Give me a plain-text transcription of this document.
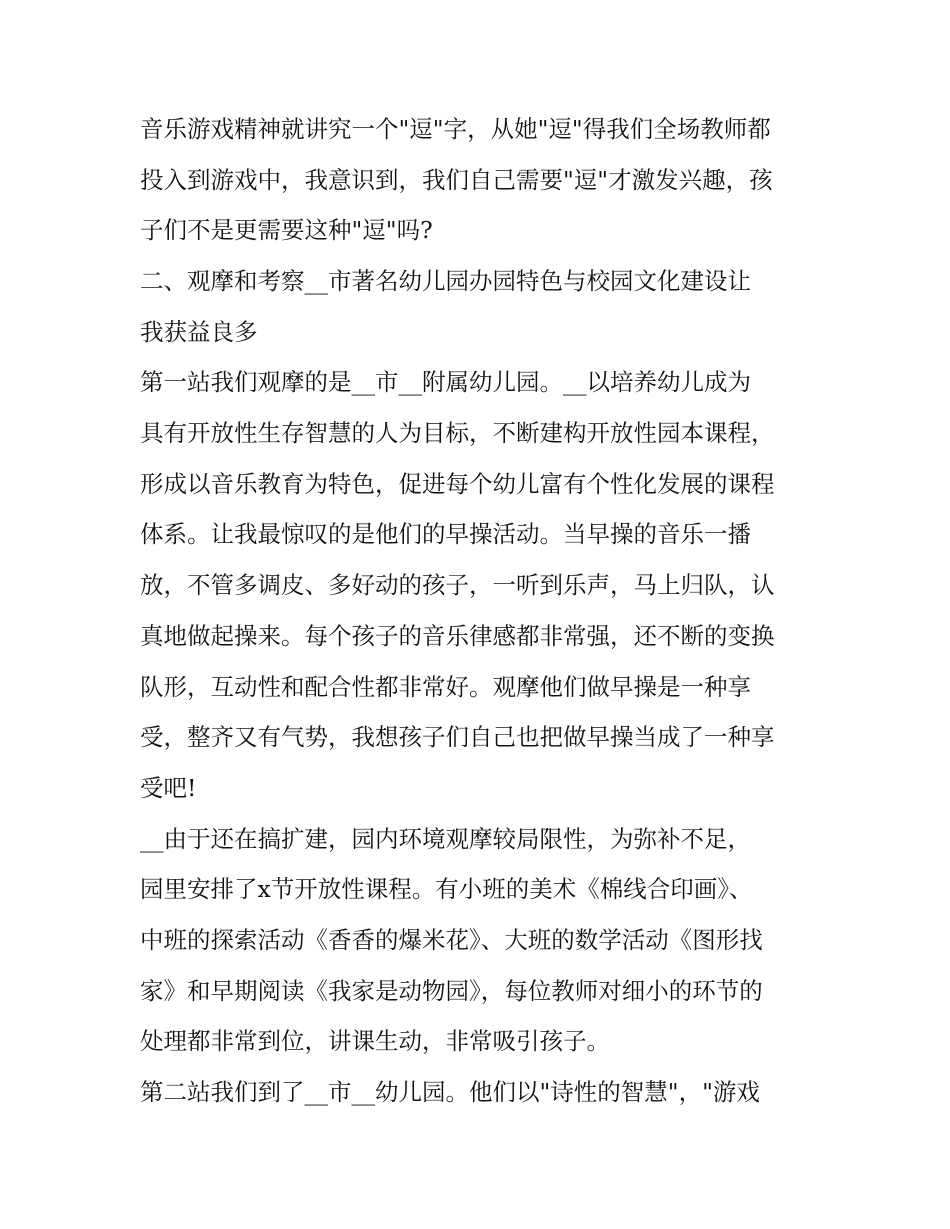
音乐游戏精神就讲究一个"逗"字，从她"逗"得我们全场教师都
投入到游戏中，我意识到，我们自己需要"逗"才激发兴趣，孩
子们不是更需要这种"逗"吗?
二、观摩和考察__市著名幼儿园办园特色与校园文化建设让
我获益良多
第一站我们观摩的是__市__附属幼儿园。__以培养幼儿成为
具有开放性生存智慧的人为目标，不断建构开放性园本课程，
形成以音乐教育为特色，促进每个幼儿富有个性化发展的课程
体系。让我最惊叹的是他们的早操活动。当早操的音乐一播
放，不管多调皮、多好动的孩子，一听到乐声，马上归队，认
真地做起操来。每个孩子的音乐律感都非常强，还不断的变换
队形，互动性和配合性都非常好。观摩他们做早操是一种享
受，整齐又有气势，我想孩子们自己也把做早操当成了一种享
受吧!
__由于还在搞扩建，园内环境观摩较局限性，为弥补不足，
园里安排了x节开放性课程。有小班的美术《棉线合印画》、
中班的探索活动《香香的爆米花》、大班的数学活动《图形找
家》和早期阅读《我家是动物园》，每位教师对细小的环节的
处理都非常到位，讲课生动，非常吸引孩子。
第二站我们到了__市__幼儿园。他们以"诗性的智慧"，"游戏
